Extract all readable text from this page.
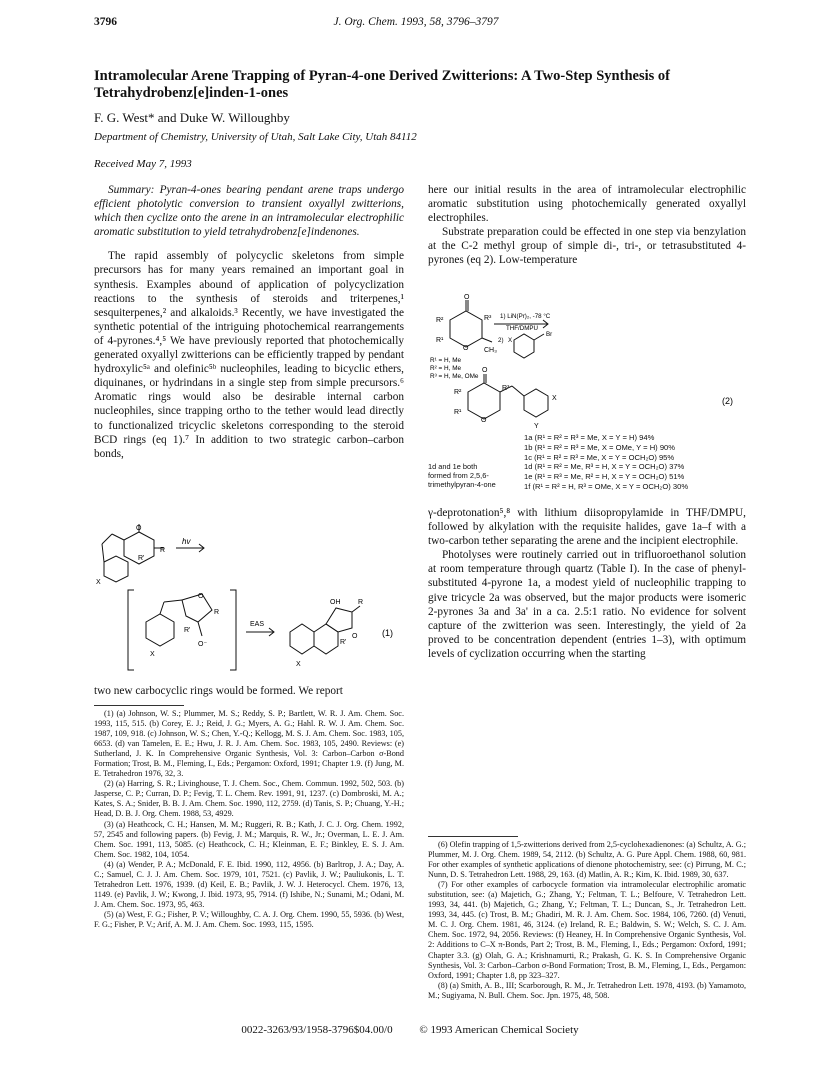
3796	J. Org. Chem. 1993, 58, 3796–3797
Intramolecular Arene Trapping of Pyran-4-one Derived Zwitterions: A Two-Step Synthesis of Tetrahydrobenz[e]inden-1-ones
F. G. West* and Duke W. Willoughby
Department of Chemistry, University of Utah, Salt Lake City, Utah 84112
Received May 7, 1993

Summary: Pyran-4-ones bearing pendant arene traps undergo efficient photolytic conversion to transient oxyallyl zwitterions, which then cyclize onto the arene in an intramolecular electrophilic aromatic substitution to yield tetrahydrobenz[e]indenones.

The rapid assembly of polycyclic skeletons from simple precursors has for many years remained an important goal in synthesis. Examples abound of application of polycyclization reactions to the synthesis of steroids and triterpenes,¹ sesquiterpenes,² and alkaloids.³ Recently, we have investigated the synthetic potential of the intriguing photochemical rearrangements of 4-pyrones.⁴,⁵ We have previously reported that photochemically generated oxyallyl zwitterions can be efficiently trapped by pendant hydroxylic⁵ᵃ and olefinic⁵ᵇ nucleophiles, leading to bicyclic ethers, diquinanes, or hydrindans in a single step from simple precursors.⁶ Aromatic rings would also be desirable internal carbon nucleophiles, since trapping ortho to the tether would lead directly to functionalized tricyclic skeletons corresponding to the steroid BCD rings (eq 1).⁷ In addition to two strategic carbon–carbon bonds,

R
R'
O
X
hv
O
R
R'
O⁻
X
EAS
OH	R
R'
O
X
(1)

two new carbocyclic rings would be formed. We report

(1) (a) Johnson, W. S.; Plummer, M. S.; Reddy, S. P.; Bartlett, W. R. J. Am. Chem. Soc. 1993, 115, 515. (b) Corey, E. J.; Reid, J. G.; Myers, A. G.; Hahl. R. W. J. Am. Chem. Soc. 1987, 109, 918. (c) Johnson, W. S.; Chen, Y.-Q.; Kellogg, M. S. J. Am. Chem. Soc. 1983, 105, 6653. (d) van Tamelen, E. E.; Hwu, J. R. J. Am. Chem. Soc. 1983, 105, 2490. Reviews: (e) Sutherland, J. K. In Comprehensive Organic Synthesis, Vol. 3: Carbon–Carbon σ-Bond Formation; Trost, B. M., Fleming, I., Eds.; Pergamon: Oxford, 1991; Chapter 1.9. (f) Jung, M. E. Tetrahedron 1976, 32, 3.

(2) (a) Harring, S. R.; Livinghouse, T. J. Chem. Soc., Chem. Commun. 1992, 502, 503. (b) Jasperse, C. P.; Curran, D. P.; Fevig, T. L. Chem. Rev. 1991, 91, 1237. (c) Dombroski, M. A.; Kates, S. A.; Snider, B. B. J. Am. Chem. Soc. 1990, 112, 2759. (d) Tanis, S. P.; Chuang, Y.-H.; Head, D. B. J. Org. Chem. 1988, 53, 4929.

(3) (a) Heathcock, C. H.; Hansen, M. M.; Ruggeri, R. B.; Kath, J. C. J. Org. Chem. 1992, 57, 2545 and following papers. (b) Fevig, J. M.; Marquis, R. W., Jr.; Overman, L. E. J. Am. Chem. Soc. 1991, 113, 5085. (c) Heathcock, C. H.; Kleinman, E. F.; Binkley, E. S. J. Am. Chem. Soc. 1982, 104, 1054.

(4) (a) Wender, P. A.; McDonald, F. E. Ibid. 1990, 112, 4956. (b) Barltrop, J. A.; Day, A. C.; Samuel, C. J. J. Am. Chem. Soc. 1979, 101, 7521. (c) Pavlik, J. W.; Pauliukonis, L. T. Tetrahedron Lett. 1976, 1939. (d) Keil, E. B.; Pavlik, J. W. J. Heterocycl. Chem. 1976, 13, 1149. (e) Pavlik, J. W.; Kwong, J. Ibid. 1973, 95, 7914. (f) Ishibe, N.; Sunami, M.; Odani, M. J. Am. Chem. Soc. 1973, 95, 463.

(5) (a) West, F. G.; Fisher, P. V.; Willoughby, C. A. J. Org. Chem. 1990, 55, 5936. (b) West, F. G.; Fisher, P. V.; Arif, A. M. J. Am. Chem. Soc. 1993, 115, 1595.

here our initial results in the area of intramolecular electrophilic aromatic substitution using photochemically generated oxyallyl electrophiles.

Substrate preparation could be effected in one step via benzylation at the C-2 methyl group of simple di-, tri-, or tetrasubstituted 4-pyrones (eq 2). Low-temperature

O
R²	R³
R¹
O CH₃
1) LiN(Pr)₂, -78 °C
THF/DMPU
2) X
Br
R¹ = H, Me
R² = H, Me
R³ = H, Me, OMe
O
R²
R³
R¹
O
X
Y
(2)
1a (R¹ = R² = R³ = Me, X = Y = H) 94%
1b (R¹ = R² = R³ = Me, X = OMe, Y = H) 90%
1c (R¹ = R² = R³ = Me, X = Y = OCH₂O) 95%
1d (R¹ = R² = Me, R³ = H, X = Y = OCH₂O) 37%
1e (R¹ = R³ = Me, R² = H, X = Y = OCH₂O) 51%
1f (R¹ = R² = H, R³ = OMe, X = Y = OCH₂O) 30%
1d and 1e both
formed from 2,5,6-
trimethylpyran-4-one

γ-deprotonation⁵,⁸ with lithium diisopropylamide in THF/DMPU, followed by alkylation with the requisite halides, gave 1a–f with a two-carbon tether separating the arene and the incipient electrophile.

Photolyses were routinely carried out in trifluoroethanol solution at room temperature through quartz (Table I). In the case of phenyl-substituted 4-pyrone 1a, a modest yield of nucleophilic trapping to give tricycle 2a was observed, but the major products were isomeric 2-pyrones 3a and 3a' in a ca. 2.5:1 ratio. No evidence for solvent capture of the zwitterion was seen. Interestingly, the yield of 2a proved to be concentration dependent (entries 1–3), with optimum levels of cyclization occurring when the starting

(6) Olefin trapping of 1,5-zwitterions derived from 2,5-cyclohexadienones: (a) Schultz, A. G.; Plummer, M. J. Org. Chem. 1989, 54, 2112. (b) Schultz, A. G. Pure Appl. Chem. 1988, 60, 981. For other examples of synthetic applications of dienone photochemistry, see: (c) Pirrung, M. C.; Nunn, D. S. Tetrahedron Lett. 1988, 29, 163. (d) Matlin, A. R.; Kim, K. Ibid. 1989, 30, 637.

(7) For other examples of carbocycle formation via intramolecular electrophilic aromatic substitution, see: (a) Majetich, G.; Zhang, Y.; Feltman, T. L.; Belfoure, V. Tetrahedron Lett. 1993, 34, 441. (b) Majetich, G.; Zhang, Y.; Feltman, T. L.; Duncan, S., Jr. Tetrahedron Lett. 1993, 34, 445. (c) Trost, B. M.; Ghadiri, M. R. J. Am. Chem. Soc. 1984, 106, 7260. (d) Venuti, M. C. J. Org. Chem. 1981, 46, 3124. (e) Ireland, R. E.; Baldwin, S. W.; Welch, S. C. J. Am. Chem. Soc. 1972, 94, 2056. Reviews: (f) Heaney, H. In Comprehensive Organic Synthesis, Vol. 2: Additions to C–X π-Bonds, Part 2; Trost, B. M., Fleming, I., Eds.; Pergamon: Oxford, 1991; Chapter 3.3. (g) Olah, G. A.; Krishnamurti, R.; Prakash, G. K. S. In Comprehensive Organic Synthesis, Vol. 3: Carbon–Carbon σ-Bond Formation; Trost, B. M., Fleming, I., Eds., Pergamon: Oxford, 1991; Chapter 1.8, pp 323–327.

(8) (a) Smith, A. B., III; Scarborough, R. M., Jr. Tetrahedron Lett. 1978, 4193. (b) Yamamoto, M.; Sugiyama, N. Bull. Chem. Soc. Jpn. 1975, 48, 508.

0022-3263/93/1958-3796$04.00/0 © 1993 American Chemical Society
